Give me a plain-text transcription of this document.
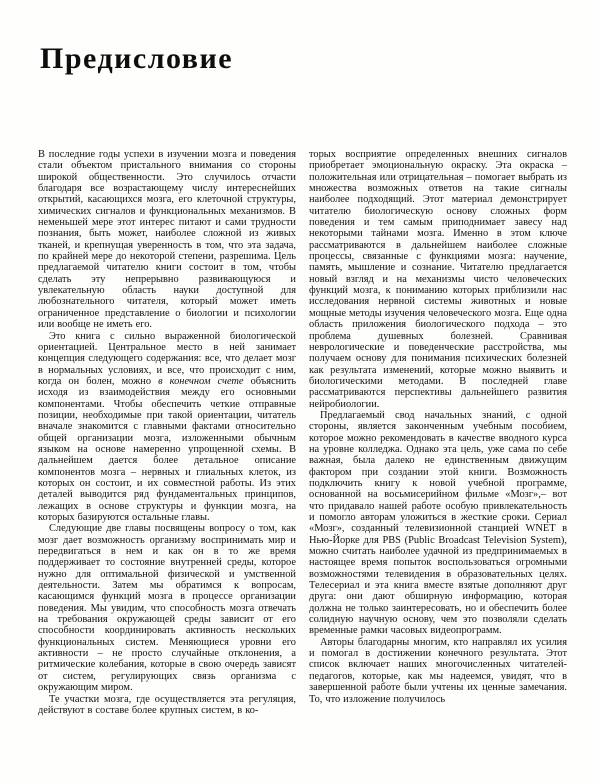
Предисловие

В последние годы успехи в изучении мозга и поведения стали объектом пристального внимания со стороны широкой общественности. Это случилось отчасти благодаря все возрастающему числу интереснейших открытий, касающихся мозга, его клеточной структуры, химических сигналов и функциональных механизмов. В неменьшей мере этот интерес питают и сами трудности познания, быть может, наиболее сложной из живых тканей, и крепнущая уверенность в том, что эта задача, по крайней мере до некоторой степени, разрешима. Цель предлагаемой читателю книги состоит в том, чтобы сделать эту непрерывно развивающуюся и увлекательную область науки доступной для любознательного читателя, который может иметь ограниченное представление о биологии и психологии или вообще не иметь его.

Это книга с сильно выраженной биологической ориентацией. Центральное место в ней занимает концепция следующего содержания: все, что делает мозг в нормальных условиях, и все, что происходит с ним, когда он болен, можно в конечном счете объяснить исходя из взаимодействия между его основными компонентами. Чтобы обеспечить четкие отправные позиции, необходимые при такой ориентации, читатель вначале знакомится с главными фактами относительно общей организации мозга, изложенными обычным языком на основе намеренно упрощенной схемы. В дальнейшем дается более детальное описание компонентов мозга – нервных и глиальных клеток, из которых он состоит, и их совместной работы. Из этих деталей выводится ряд фундаментальных принципов, лежащих в основе структуры и функции мозга, на которых базируются остальные главы.

Следующие две главы посвящены вопросу о том, как мозг дает возможность организму воспринимать мир и передвигаться в нем и как он в то же время поддерживает то состояние внутренней среды, которое нужно для оптимальной физической и умственной деятельности. Затем мы обратимся к вопросам, касающимся функций мозга в процессе организации поведения. Мы увидим, что способность мозга отвечать на требования окружающей среды зависит от его способности координировать активность нескольких функциональных систем. Меняющиеся уровни его активности – не просто случайные отклонения, а ритмические колебания, которые в свою очередь зависят от систем, регулирующих связь организма с окружающим миром.

Те участки мозга, где осуществляется эта регуляция, действуют в составе более крупных систем, в ко-

торых восприятие определенных внешних сигналов приобретает эмоциональную окраску. Эта окраска – положительная или отрицательная – помогает выбрать из множества возможных ответов на такие сигналы наиболее подходящий. Этот материал демонстрирует читателю биологическую основу сложных форм поведения и тем самым приподнимает завесу над некоторыми тайнами мозга. Именно в этом ключе рассматриваются в дальнейшем наиболее сложные процессы, связанные с функциями мозга: научение, память, мышление и сознание. Читателю предлагается новый взгляд и на механизмы чисто человеческих функций мозга, к пониманию которых приблизили нас исследования нервной системы животных и новые мощные методы изучения человеческого мозга. Еще одна область приложения биологического подхода – это проблема душевных болезней. Сравнивая неврологические и поведенческие расстройства, мы получаем основу для понимания психических болезней как результата изменений, которые можно выявить и биологическими методами. В последней главе рассматриваются перспективы дальнейшего развития нейробиологии.

Предлагаемый свод начальных знаний, с одной стороны, является законченным учебным пособием, которое можно рекомендовать в качестве вводного курса на уровне колледжа. Однако эта цель, уже сама по себе важная, была далеко не единственным движущим фактором при создании этой книги. Возможность подключить книгу к новой учебной программе, основанной на восьмисерийном фильме «Мозг»,– вот что придавало нашей работе особую привлекательность и помогло авторам уложиться в жесткие сроки. Сериал «Мозг», созданный телевизионной станцией WNET в Нью-Йорке для PBS (Public Broadcast Television System), можно считать наиболее удачной из предпринимаемых в настоящее время попыток воспользоваться огромными возможностями телевидения в образовательных целях. Телесериал и эта книга вместе взятые дополняют друг друга: они дают обширную информацию, которая должна не только заинтересовать, но и обеспечить более солидную научную основу, чем это позволяли сделать временные рамки часовых видеопрограмм.

Авторы благодарны многим, кто направлял их усилия и помогал в достижении конечного результата. Этот список включает наших многочисленных читателей-педагогов, которые, как мы надеемся, увидят, что в завершенной работе были учтены их ценные замечания. То, что изложение получилось
